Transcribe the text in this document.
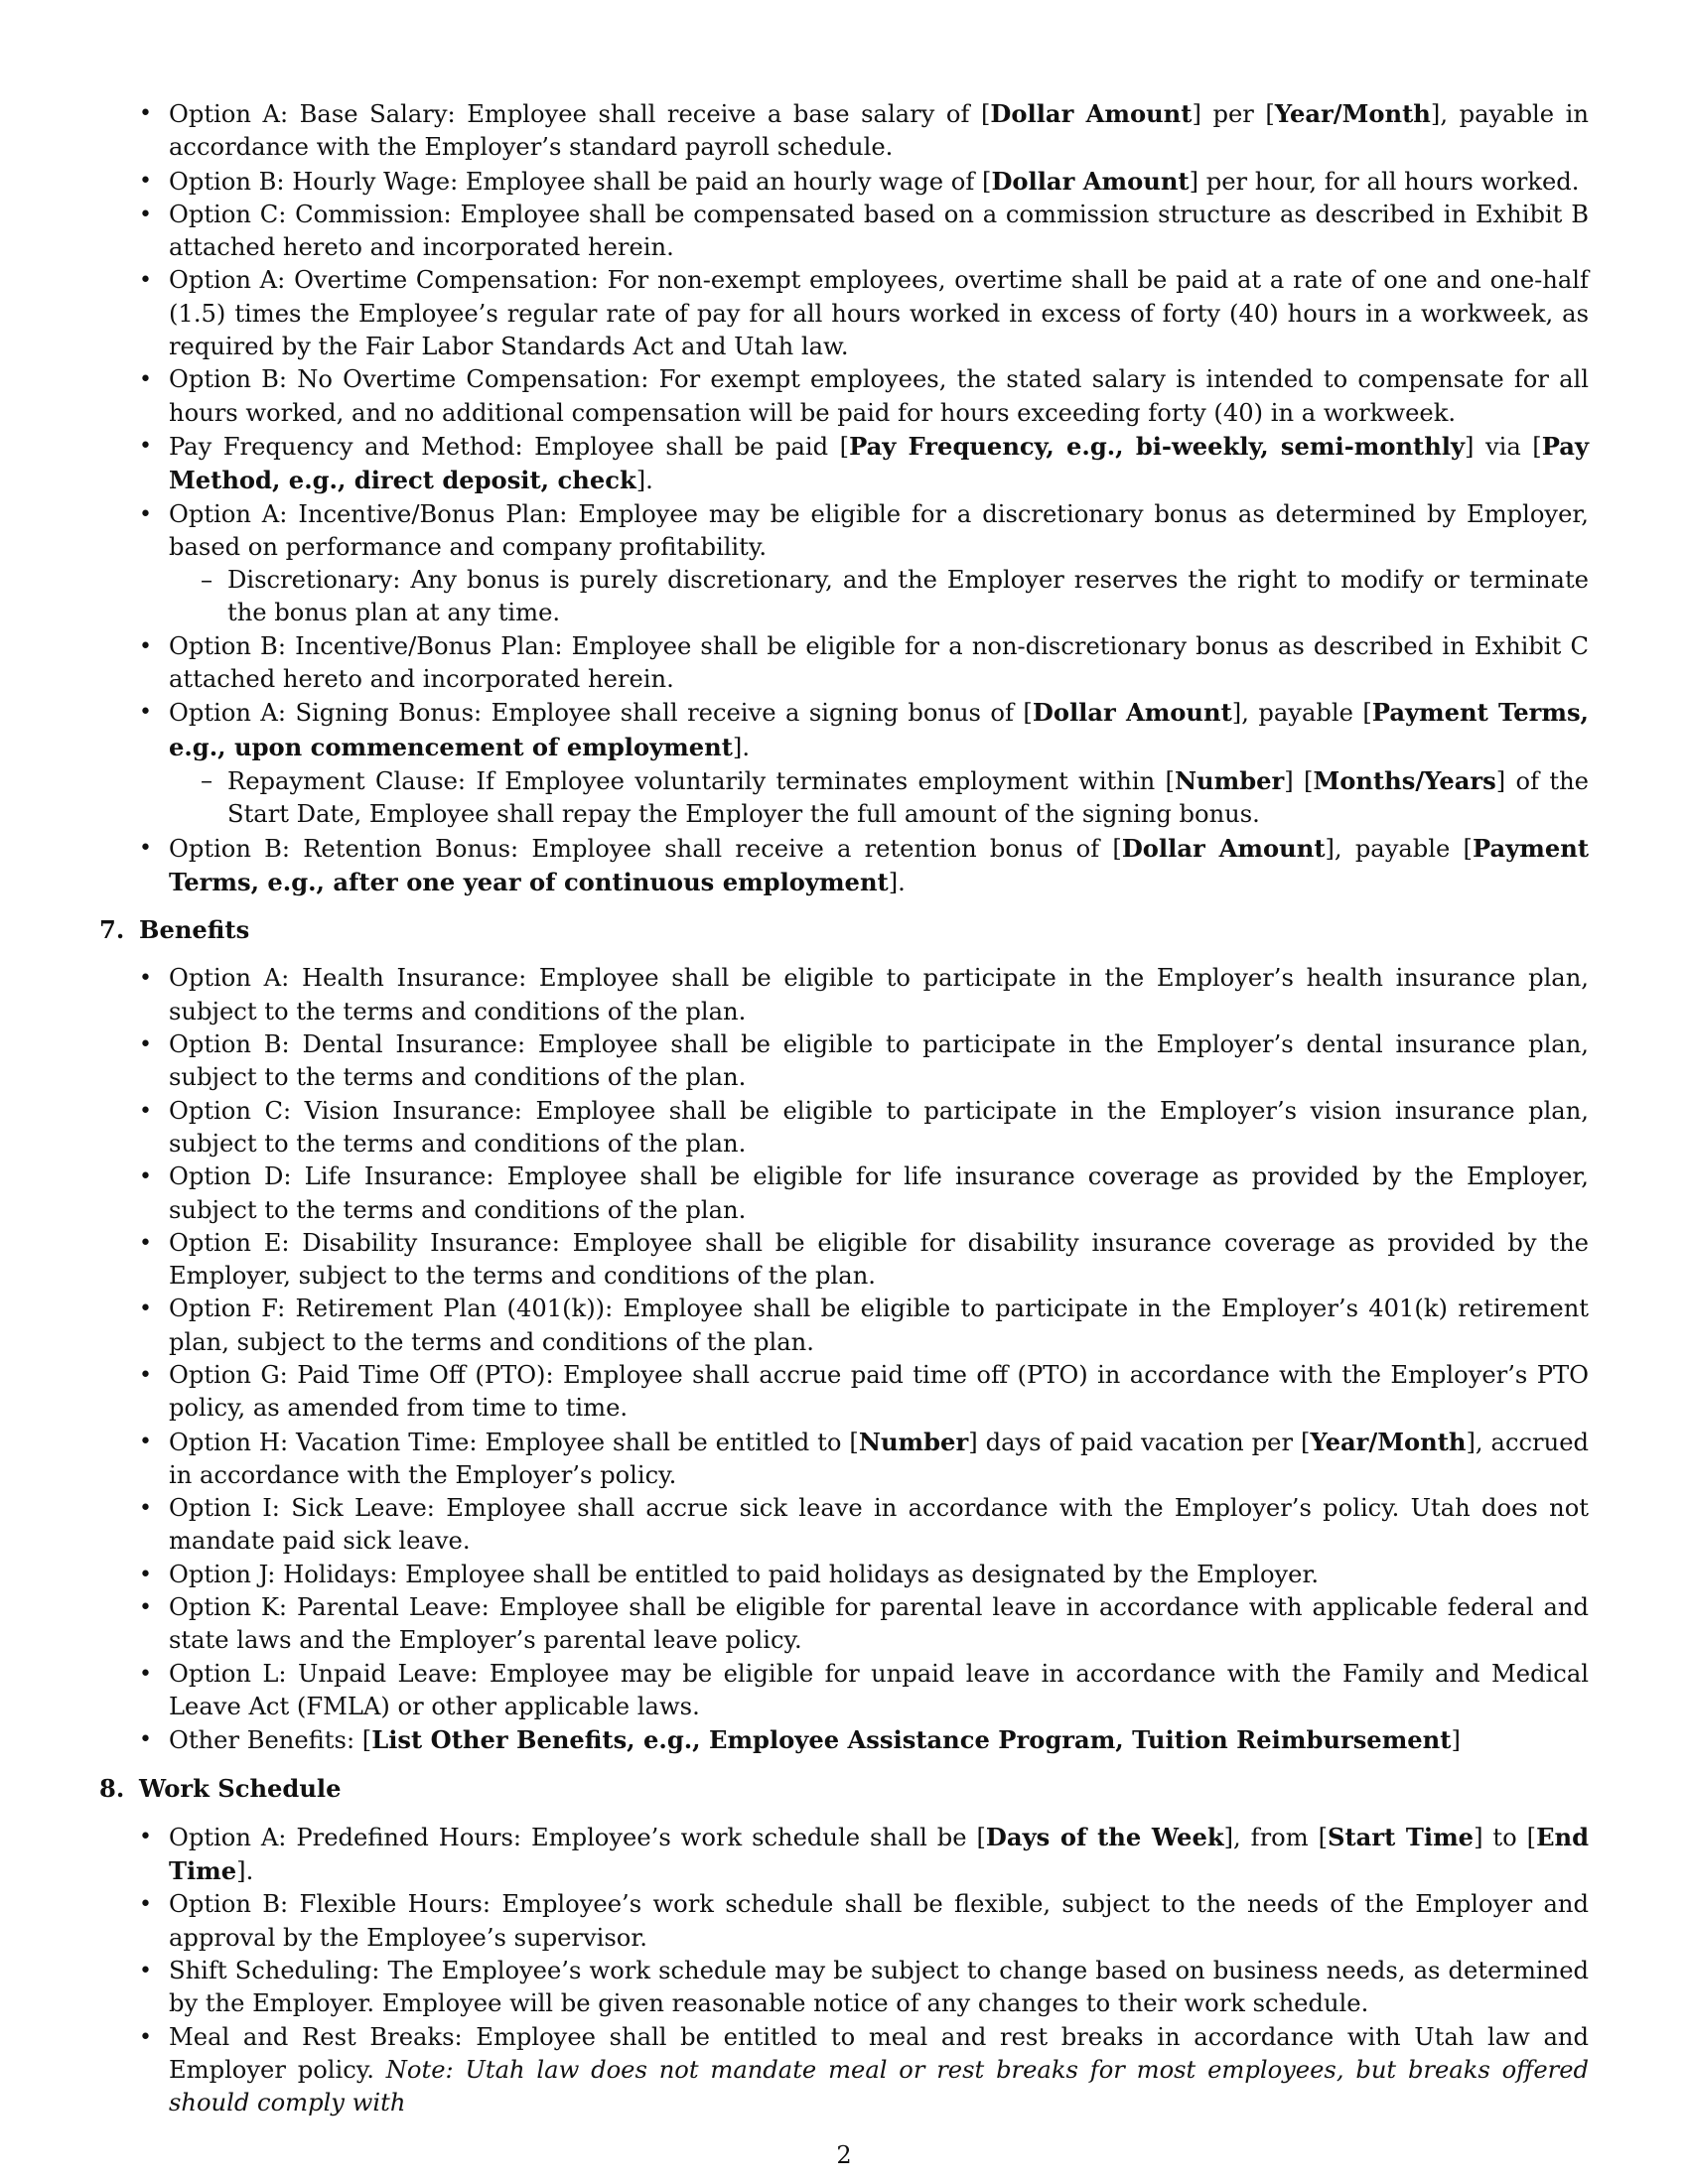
• Option A: Base Salary: Employee shall receive a base salary of [Dollar Amount] per [Year/Month], payable in accordance with the Employer’s standard payroll schedule.
• Option B: Hourly Wage: Employee shall be paid an hourly wage of [Dollar Amount] per hour, for all hours worked.
• Option C: Commission: Employee shall be compensated based on a commission structure as described in Exhibit B attached hereto and incorporated herein.
• Option A: Overtime Compensation: For non-exempt employees, overtime shall be paid at a rate of one and one-half (1.5) times the Employee’s regular rate of pay for all hours worked in excess of forty (40) hours in a workweek, as required by the Fair Labor Standards Act and Utah law.
• Option B: No Overtime Compensation: For exempt employees, the stated salary is intended to compensate for all hours worked, and no additional compensation will be paid for hours exceeding forty (40) in a workweek.
• Pay Frequency and Method: Employee shall be paid [Pay Frequency, e.g., bi-weekly, semi-monthly] via [Pay Method, e.g., direct deposit, check].
• Option A: Incentive/Bonus Plan: Employee may be eligible for a discretionary bonus as determined by Employer, based on performance and company profitability.
– Discretionary: Any bonus is purely discretionary, and the Employer reserves the right to modify or terminate the bonus plan at any time.
• Option B: Incentive/Bonus Plan: Employee shall be eligible for a non-discretionary bonus as described in Exhibit C attached hereto and incorporated herein.
• Option A: Signing Bonus: Employee shall receive a signing bonus of [Dollar Amount], payable [Payment Terms, e.g., upon commencement of employment].
– Repayment Clause: If Employee voluntarily terminates employment within [Number] [Months/Years] of the Start Date, Employee shall repay the Employer the full amount of the signing bonus.
• Option B: Retention Bonus: Employee shall receive a retention bonus of [Dollar Amount], payable [Payment Terms, e.g., after one year of continuous employment].
7. Benefits
• Option A: Health Insurance: Employee shall be eligible to participate in the Employer’s health insurance plan, subject to the terms and conditions of the plan.
• Option B: Dental Insurance: Employee shall be eligible to participate in the Employer’s dental insurance plan, subject to the terms and conditions of the plan.
• Option C: Vision Insurance: Employee shall be eligible to participate in the Employer’s vision insurance plan, subject to the terms and conditions of the plan.
• Option D: Life Insurance: Employee shall be eligible for life insurance coverage as provided by the Employer, subject to the terms and conditions of the plan.
• Option E: Disability Insurance: Employee shall be eligible for disability insurance coverage as provided by the Employer, subject to the terms and conditions of the plan.
• Option F: Retirement Plan (401(k)): Employee shall be eligible to participate in the Employer’s 401(k) retirement plan, subject to the terms and conditions of the plan.
• Option G: Paid Time Off (PTO): Employee shall accrue paid time off (PTO) in accordance with the Employer’s PTO policy, as amended from time to time.
• Option H: Vacation Time: Employee shall be entitled to [Number] days of paid vacation per [Year/Month], accrued in accordance with the Employer’s policy.
• Option I: Sick Leave: Employee shall accrue sick leave in accordance with the Employer’s policy. Utah does not mandate paid sick leave.
• Option J: Holidays: Employee shall be entitled to paid holidays as designated by the Employer.
• Option K: Parental Leave: Employee shall be eligible for parental leave in accordance with applicable federal and state laws and the Employer’s parental leave policy.
• Option L: Unpaid Leave: Employee may be eligible for unpaid leave in accordance with the Family and Medical Leave Act (FMLA) or other applicable laws.
• Other Benefits: [List Other Benefits, e.g., Employee Assistance Program, Tuition Reimbursement]
8. Work Schedule
• Option A: Predefined Hours: Employee’s work schedule shall be [Days of the Week], from [Start Time] to [End Time].
• Option B: Flexible Hours: Employee’s work schedule shall be flexible, subject to the needs of the Employer and approval by the Employee’s supervisor.
• Shift Scheduling: The Employee’s work schedule may be subject to change based on business needs, as determined by the Employer. Employee will be given reasonable notice of any changes to their work schedule.
• Meal and Rest Breaks: Employee shall be entitled to meal and rest breaks in accordance with Utah law and Employer policy. Note: Utah law does not mandate meal or rest breaks for most employees, but breaks offered should comply with
2
